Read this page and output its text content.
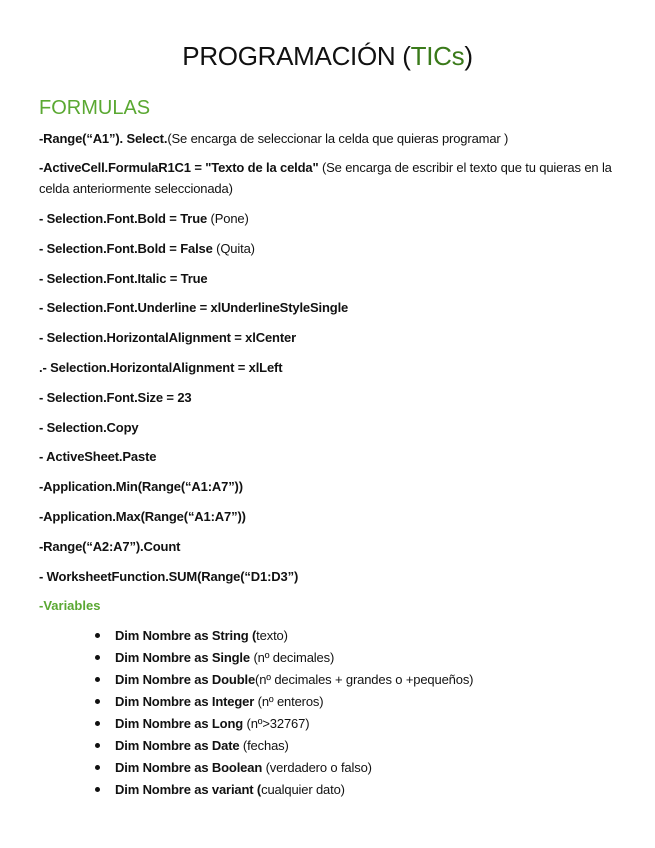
PROGRAMACIÓN (TICs)
FORMULAS
-Range(“A1”). Select.(Se encarga de seleccionar la celda que quieras programar )
-ActiveCell.FormulaR1C1 = "Texto de la celda" (Se encarga de escribir el texto que tu quieras en la celda anteriormente seleccionada)
- Selection.Font.Bold = True (Pone)
- Selection.Font.Bold = False (Quita)
- Selection.Font.Italic = True
- Selection.Font.Underline = xlUnderlineStyleSingle
- Selection.HorizontalAlignment = xlCenter
.- Selection.HorizontalAlignment = xlLeft
- Selection.Font.Size = 23
- Selection.Copy
- ActiveSheet.Paste
-Application.Min(Range(“A1:A7”))
-Application.Max(Range(“A1:A7”))
-Range(“A2:A7”).Count
- WorksheetFunction.SUM(Range(“D1:D3”)
-Variables
Dim Nombre as String (texto)
Dim Nombre as Single (nº decimales)
Dim Nombre as Double(nº decimales + grandes o +pequeños)
Dim Nombre as Integer (nº enteros)
Dim Nombre as Long (nº>32767)
Dim Nombre as Date (fechas)
Dim Nombre as Boolean (verdadero o falso)
Dim Nombre as variant (cualquier dato)
